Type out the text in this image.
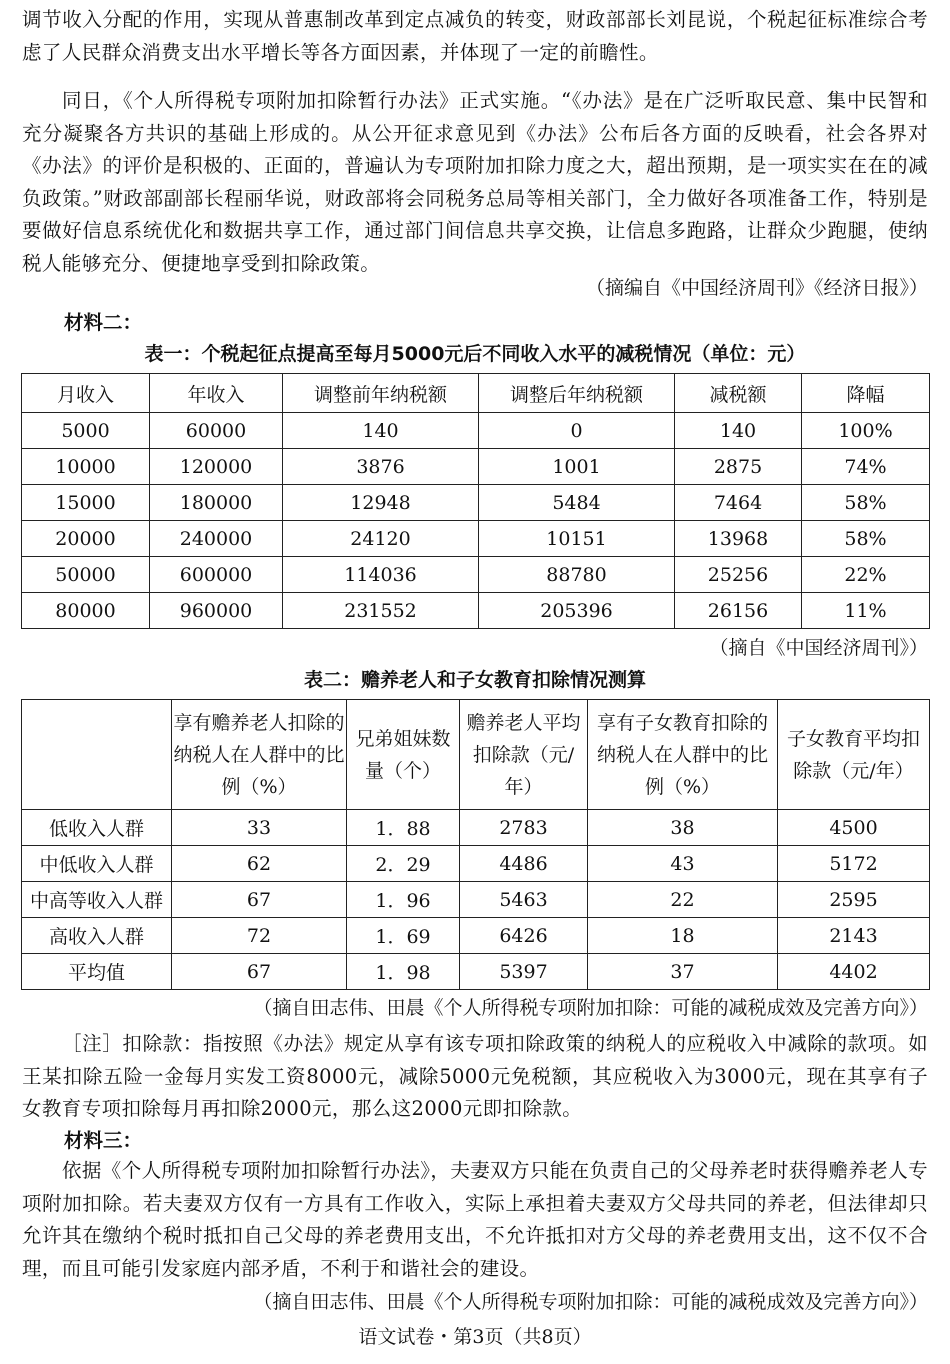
调节收入分配的作用，实现从普惠制改革到定点减负的转变，财政部部长刘昆说，个税起征标准综合考虑了人民群众消费支出水平增长等各方面因素，并体现了一定的前瞻性。

同日，《个人所得税专项附加扣除暂行办法》正式实施。“《办法》是在广泛听取民意、集中民智和充分凝聚各方共识的基础上形成的。从公开征求意见到《办法》公布后各方面的反映看，社会各界对《办法》的评价是积极的、正面的，普遍认为专项附加扣除力度之大，超出预期，是一项实实在在的减负政策。”财政部副部长程丽华说，财政部将会同税务总局等相关部门，全力做好各项准备工作，特别是要做好信息系统优化和数据共享工作，通过部门间信息共享交换，让信息多跑路，让群众少跑腿，使纳税人能够充分、便捷地享受到扣除政策。

（摘编自《中国经济周刊》《经济日报》）

材料二：

表一：个税起征点提高至每月5000元后不同收入水平的减税情况（单位：元）

月收入	年收入	调整前年纳税额	调整后年纳税额	减税额	降幅
5000	60000	140	0	140	100%
10000	120000	3876	1001	2875	74%
15000	180000	12948	5484	7464	58%
20000	240000	24120	10151	13968	58%
50000	600000	114036	88780	25256	22%
80000	960000	231552	205396	26156	11%

（摘自《中国经济周刊》）

表二：赡养老人和子女教育扣除情况测算

	享有赡养老人扣除的纳税人在人群中的比例（%）	兄弟姐妹数量（个）	赡养老人平均扣除款（元/年）	享有子女教育扣除的纳税人在人群中的比例（%）	子女教育平均扣除款（元/年）
低收入人群	33	1．88	2783	38	4500
中低收入人群	62	2．29	4486	43	5172
中高等收入人群	67	1．96	5463	22	2595
高收入人群	72	1．69	6426	18	2143
平均值	67	1．98	5397	37	4402

（摘自田志伟、田晨《个人所得税专项附加扣除：可能的减税成效及完善方向》）

［注］扣除款：指按照《办法》规定从享有该专项扣除政策的纳税人的应税收入中减除的款项。如王某扣除五险一金每月实发工资8000元，减除5000元免税额，其应税收入为3000元，现在其享有子女教育专项扣除每月再扣除2000元，那么这2000元即扣除款。

材料三：

依据《个人所得税专项附加扣除暂行办法》，夫妻双方只能在负责自己的父母养老时获得赡养老人专项附加扣除。若夫妻双方仅有一方具有工作收入，实际上承担着夫妻双方父母共同的养老，但法律却只允许其在缴纳个税时抵扣自己父母的养老费用支出，不允许抵扣对方父母的养老费用支出，这不仅不合理，而且可能引发家庭内部矛盾，不利于和谐社会的建设。

（摘自田志伟、田晨《个人所得税专项附加扣除：可能的减税成效及完善方向》）

语文试卷・第3页（共8页）
